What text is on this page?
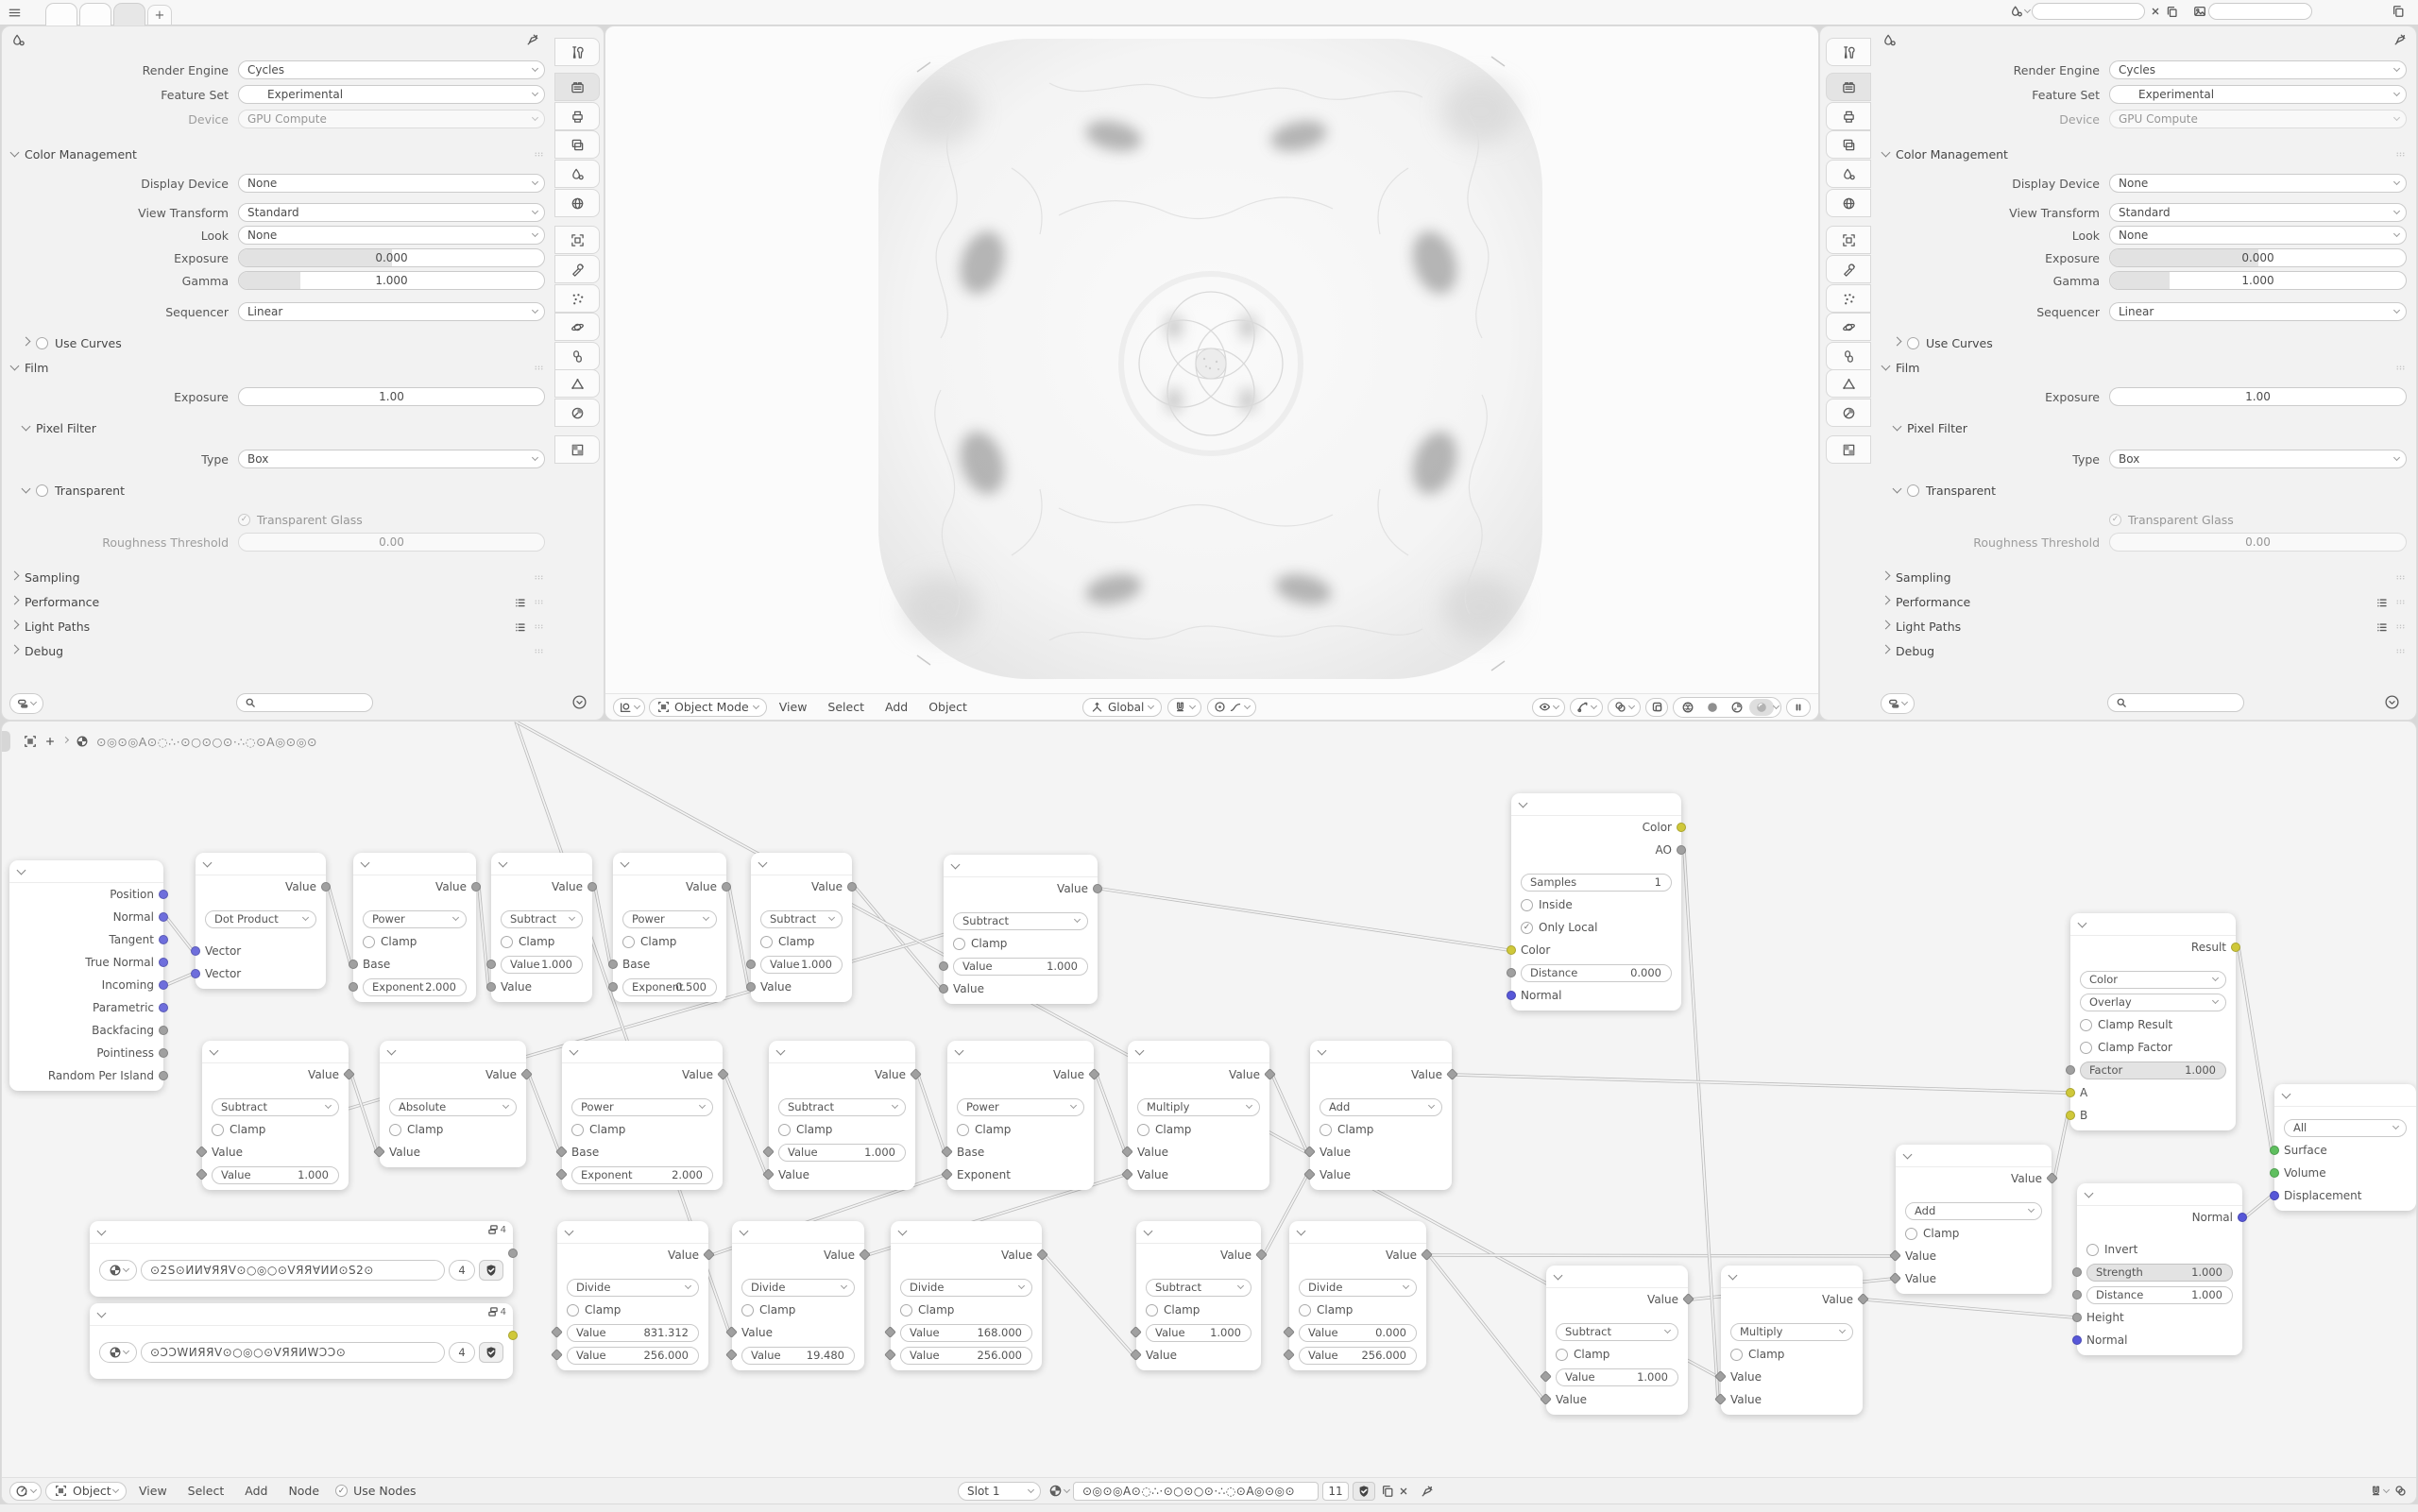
+
Render Engine	Cycles
Feature Set	Experimental
Device	GPU Compute
Color Management
Display Device	None
View Transform	Standard
Look	None
Exposure	0.000
Gamma	1.000
Sequencer	Linear
Use Curves
Film
Exposure	1.00
Pixel Filter
Type	Box
Transparent
✓ Transparent Glass
Roughness Threshold	0.00
Sampling
Performance
Light Paths
Debug
Object Mode	View	Select	Add	Object	Global
Render Engine	Cycles
Feature Set	Experimental
Device	GPU Compute
Color Management
Display Device	None
View Transform	Standard
Look	None
Exposure	0.000
Gamma	1.000
Sequencer	Linear
Use Curves
Film
Exposure	1.00
Pixel Filter
Type	Box
Transparent
✓ Transparent Glass
Roughness Threshold	0.00
Sampling
Performance
Light Paths
Debug
Position
Normal
Tangent
True Normal
Incoming
Parametric
Backfacing
Pointiness
Random Per Island
Value
Dot Product
Vector
Vector
Value
Power
Clamp
Base
Exponent 2.000
Value
Subtract
Clamp
Value 1.000
Value
Value
Power
Clamp
Base
Exponent
0.500
Value
Subtract
Clamp
Value 1.000
Value
Value
Subtract
Clamp
Value	1.000
Value
Color
AO
Samples	1
Inside
✓ Only Local
Color
Distance	0.000
Normal
Value
Subtract
Clamp
Value
Value	1.000
Value
Absolute
Clamp
Value
Value
Power
Clamp
Base
Exponent	2.000
Value
Subtract
Clamp
Value	1.000
Value
Value
Power
Clamp
Base
Exponent
Value
Multiply
Clamp
Value
Value
Value
Add
Clamp
Value
Value
4
⊙2S⊙ИИ∀ЯЯV⊙○◎○⊙VЯЯ∀ИИ⊙S2⊙	4
4
⊙ƆƆWИЯЯV⊙○◎○⊙VЯЯИWƆƆ⊙	4
Value
Divide
Clamp
Value	831.312
Value	256.000
Value
Divide
Clamp
Value
Value 19.480
Value
Divide
Clamp
Value	168.000
Value	256.000
Value
Subtract
Clamp
Value 1.000
Value
Value
Divide
Clamp
Value	0.000
Value 256.000
Value
Subtract
Clamp
Value	1.000
Value
Value
Multiply
Clamp
Value
Value
Value
Add
Clamp
Value
Value
Result
Color
Overlay
Clamp Result
Clamp Factor
Factor	1.000
A
B
All
Surface
Volume
Displacement
Normal
Invert
Strength	1.000
Distance	1.000
Height
Normal
⊙◎⊙◎A⊙◌∴·⊙○⊙○⊙·∴◌⊙A◎⊙◎⊙
Object	View	Select	Add	Node	✓ Use Nodes	Slot 1	⊙◎⊙◎A⊙◌∴·⊙○⊙○⊙·∴◌⊙A◎⊙◎⊙	11
